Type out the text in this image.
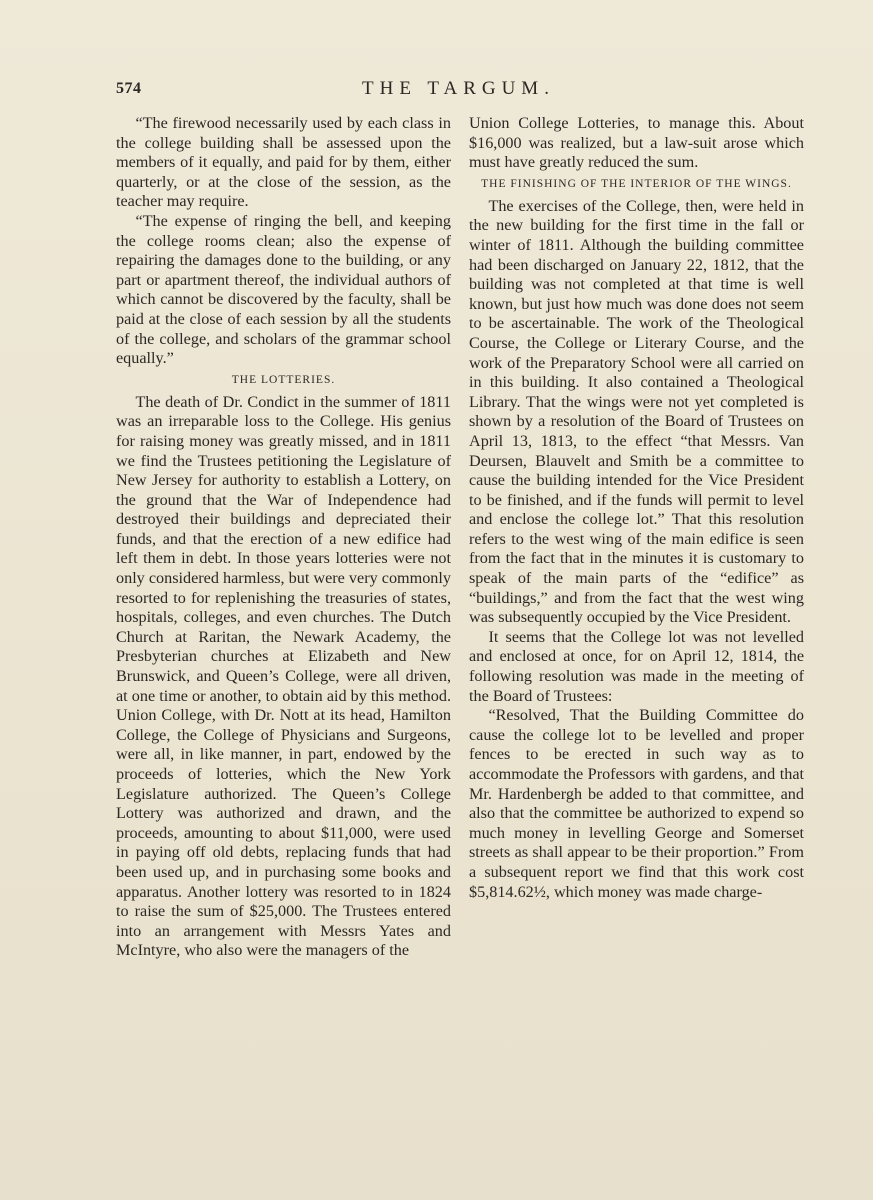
574	THE TARGUM.

“The firewood necessarily used by each class in the college building shall be assessed upon the members of it equally, and paid for by them, either quarterly, or at the close of the session, as the teacher may require.

“The expense of ringing the bell, and keeping the college rooms clean; also the expense of repairing the damages done to the building, or any part or apartment thereof, the individual authors of which cannot be discovered by the faculty, shall be paid at the close of each session by all the students of the college, and scholars of the grammar school equally.”

THE LOTTERIES.

The death of Dr. Condict in the summer of 1811 was an irreparable loss to the College. His genius for raising money was greatly missed, and in 1811 we find the Trustees petitioning the Legislature of New Jersey for authority to establish a Lottery, on the ground that the War of Independence had destroyed their buildings and depreciated their funds, and that the erection of a new edifice had left them in debt. In those years lotteries were not only considered harmless, but were very commonly resorted to for replenishing the treasuries of states, hospitals, colleges, and even churches. The Dutch Church at Raritan, the Newark Academy, the Presbyterian churches at Elizabeth and New Brunswick, and Queen’s College, were all driven, at one time or another, to obtain aid by this method. Union College, with Dr. Nott at its head, Hamilton College, the College of Physicians and Surgeons, were all, in like manner, in part, endowed by the proceeds of lotteries, which the New York Legislature authorized. The Queen’s College Lottery was authorized and drawn, and the proceeds, amounting to about $11,000, were used in paying off old debts, replacing funds that had been used up, and in purchasing some books and apparatus. Another lottery was resorted to in 1824 to raise the sum of $25,000. The Trustees entered into an arrangement with Messrs Yates and McIntyre, who also were the managers of the

Union College Lotteries, to manage this. About $16,000 was realized, but a law-suit arose which must have greatly reduced the sum.

THE FINISHING OF THE INTERIOR OF THE WINGS.

The exercises of the College, then, were held in the new building for the first time in the fall or winter of 1811. Although the building committee had been discharged on January 22, 1812, that the building was not completed at that time is well known, but just how much was done does not seem to be ascertainable. The work of the Theological Course, the College or Literary Course, and the work of the Preparatory School were all carried on in this building. It also contained a Theological Library. That the wings were not yet completed is shown by a resolution of the Board of Trustees on April 13, 1813, to the effect “that Messrs. Van Deursen, Blauvelt and Smith be a committee to cause the building intended for the Vice President to be finished, and if the funds will permit to level and enclose the college lot.” That this resolution refers to the west wing of the main edifice is seen from the fact that in the minutes it is customary to speak of the main parts of the “edifice” as “buildings,” and from the fact that the west wing was subsequently occupied by the Vice President.

It seems that the College lot was not levelled and enclosed at once, for on April 12, 1814, the following resolution was made in the meeting of the Board of Trustees:

“Resolved, That the Building Committee do cause the college lot to be levelled and proper fences to be erected in such way as to accommodate the Professors with gardens, and that Mr. Hardenbergh be added to that committee, and also that the committee be authorized to expend so much money in levelling George and Somerset streets as shall appear to be their proportion.” From a subsequent report we find that this work cost $5,814.62½, which money was made charge-
